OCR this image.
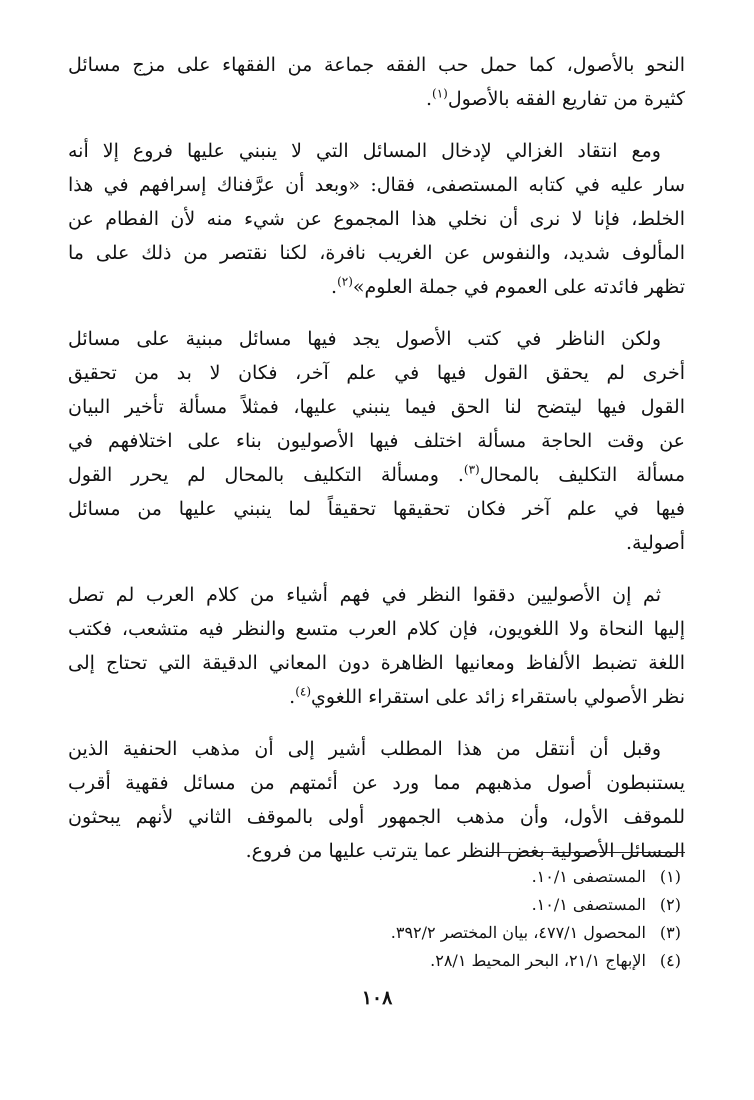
النحو بالأصول، كما حمل حب الفقه جماعة من الفقهاء على مزج مسائل
كثيرة من تفاريع الفقه بالأصول$^{(١)}$.

ومع انتقاد الغزالي لإدخال المسائل التي لا ينبني عليها فروع إلا أنه
سار عليه في كتابه المستصفى، فقال: «وبعد أن عرَّفناك إسرافهم في هذا
الخلط، فإنا لا نرى أن نخلي هذا المجموع عن شيء منه لأن الفطام عن
المألوف شديد، والنفوس عن الغريب نافرة، لكنا نقتصر من ذلك على ما
تظهر فائدته على العموم في جملة العلوم»$^{(٢)}$.

ولكن الناظر في كتب الأصول يجد فيها مسائل مبنية على مسائل
أخرى لم يحقق القول فيها في علم آخر، فكان لا بد من تحقيق
القول فيها ليتضح لنا الحق فيما ينبني عليها، فمثلاً مسألة تأخير البيان
عن وقت الحاجة مسألة اختلف فيها الأصوليون بناء على اختلافهم في
مسألة التكليف بالمحال$^{(٣)}$. ومسألة التكليف بالمحال لم يحرر القول
فيها في علم آخر فكان تحقيقها تحقيقاً لما ينبني عليها من مسائل
أصولية.

ثم إن الأصوليين دققوا النظر في فهم أشياء من كلام العرب لم تصل
إليها النحاة ولا اللغويون، فإن كلام العرب متسع والنظر فيه متشعب، فكتب
اللغة تضبط الألفاظ ومعانيها الظاهرة دون المعاني الدقيقة التي تحتاج إلى
نظر الأصولي باستقراء زائد على استقراء اللغوي$^{(٤)}$.

وقبل أن أنتقل من هذا المطلب أشير إلى أن مذهب الحنفية الذين
يستنبطون أصول مذهبهم مما ورد عن أئمتهم من مسائل فقهية أقرب
للموقف الأول، وأن مذهب الجمهور أولى بالموقف الثاني لأنهم يبحثون
المسائل الأصولية بغض النظر عما يترتب عليها من فروع.

(١) المستصفى ١٠/١.

(٢) المستصفى ١٠/١.

(٣) المحصول ٤٧٧/١، بيان المختصر ٣٩٢/٢.

(٤) الإبهاج ٢١/١، البحر المحيط ٢٨/١.

١٠٨
